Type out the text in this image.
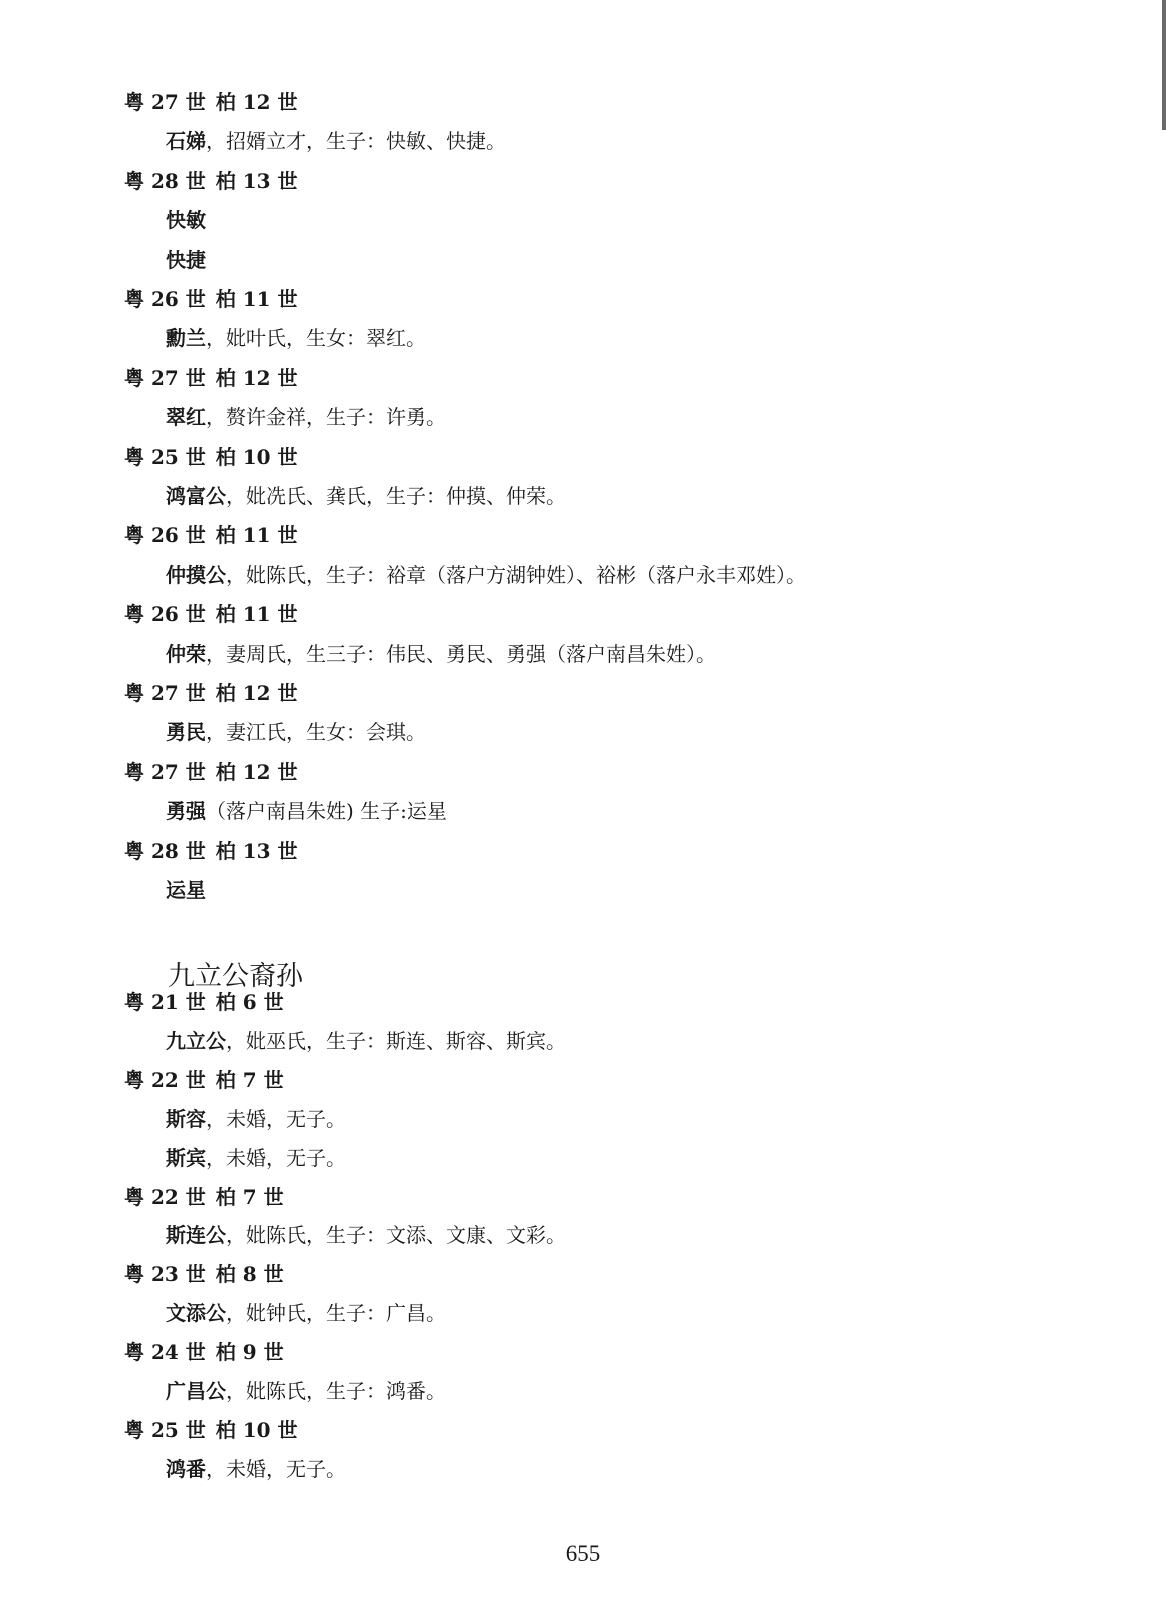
粤 27 世 柏 12 世
石娣，招婿立才，生子：快敏、快捷。
粤 28 世 柏 13 世
快敏
快捷
粤 26 世 柏 11 世
勳兰，妣叶氏，生女：翠红。
粤 27 世 柏 12 世
翠红，赘许金祥，生子：许勇。
粤 25 世 柏 10 世
鸿富公，妣冼氏、龚氏，生子：仲摸、仲荣。
粤 26 世 柏 11 世
仲摸公，妣陈氏，生子：裕章（落户方湖钟姓）、裕彬（落户永丰邓姓）。
粤 26 世 柏 11 世
仲荣，妻周氏，生三子：伟民、勇民、勇强（落户南昌朱姓）。
粤 27 世 柏 12 世
勇民，妻江氏，生女：会琪。
粤 27 世 柏 12 世
勇强（落户南昌朱姓) 生子:运星
粤 28 世 柏 13 世
运星
九立公裔孙
粤 21 世 柏 6 世
九立公，妣巫氏，生子：斯连、斯容、斯宾。
粤 22 世 柏 7 世
斯容，未婚，无子。
斯宾，未婚，无子。
粤 22 世 柏 7 世
斯连公，妣陈氏，生子：文添、文康、文彩。
粤 23 世 柏 8 世
文添公，妣钟氏，生子：广昌。
粤 24 世 柏 9 世
广昌公，妣陈氏，生子：鸿番。
粤 25 世 柏 10 世
鸿番，未婚，无子。
655
